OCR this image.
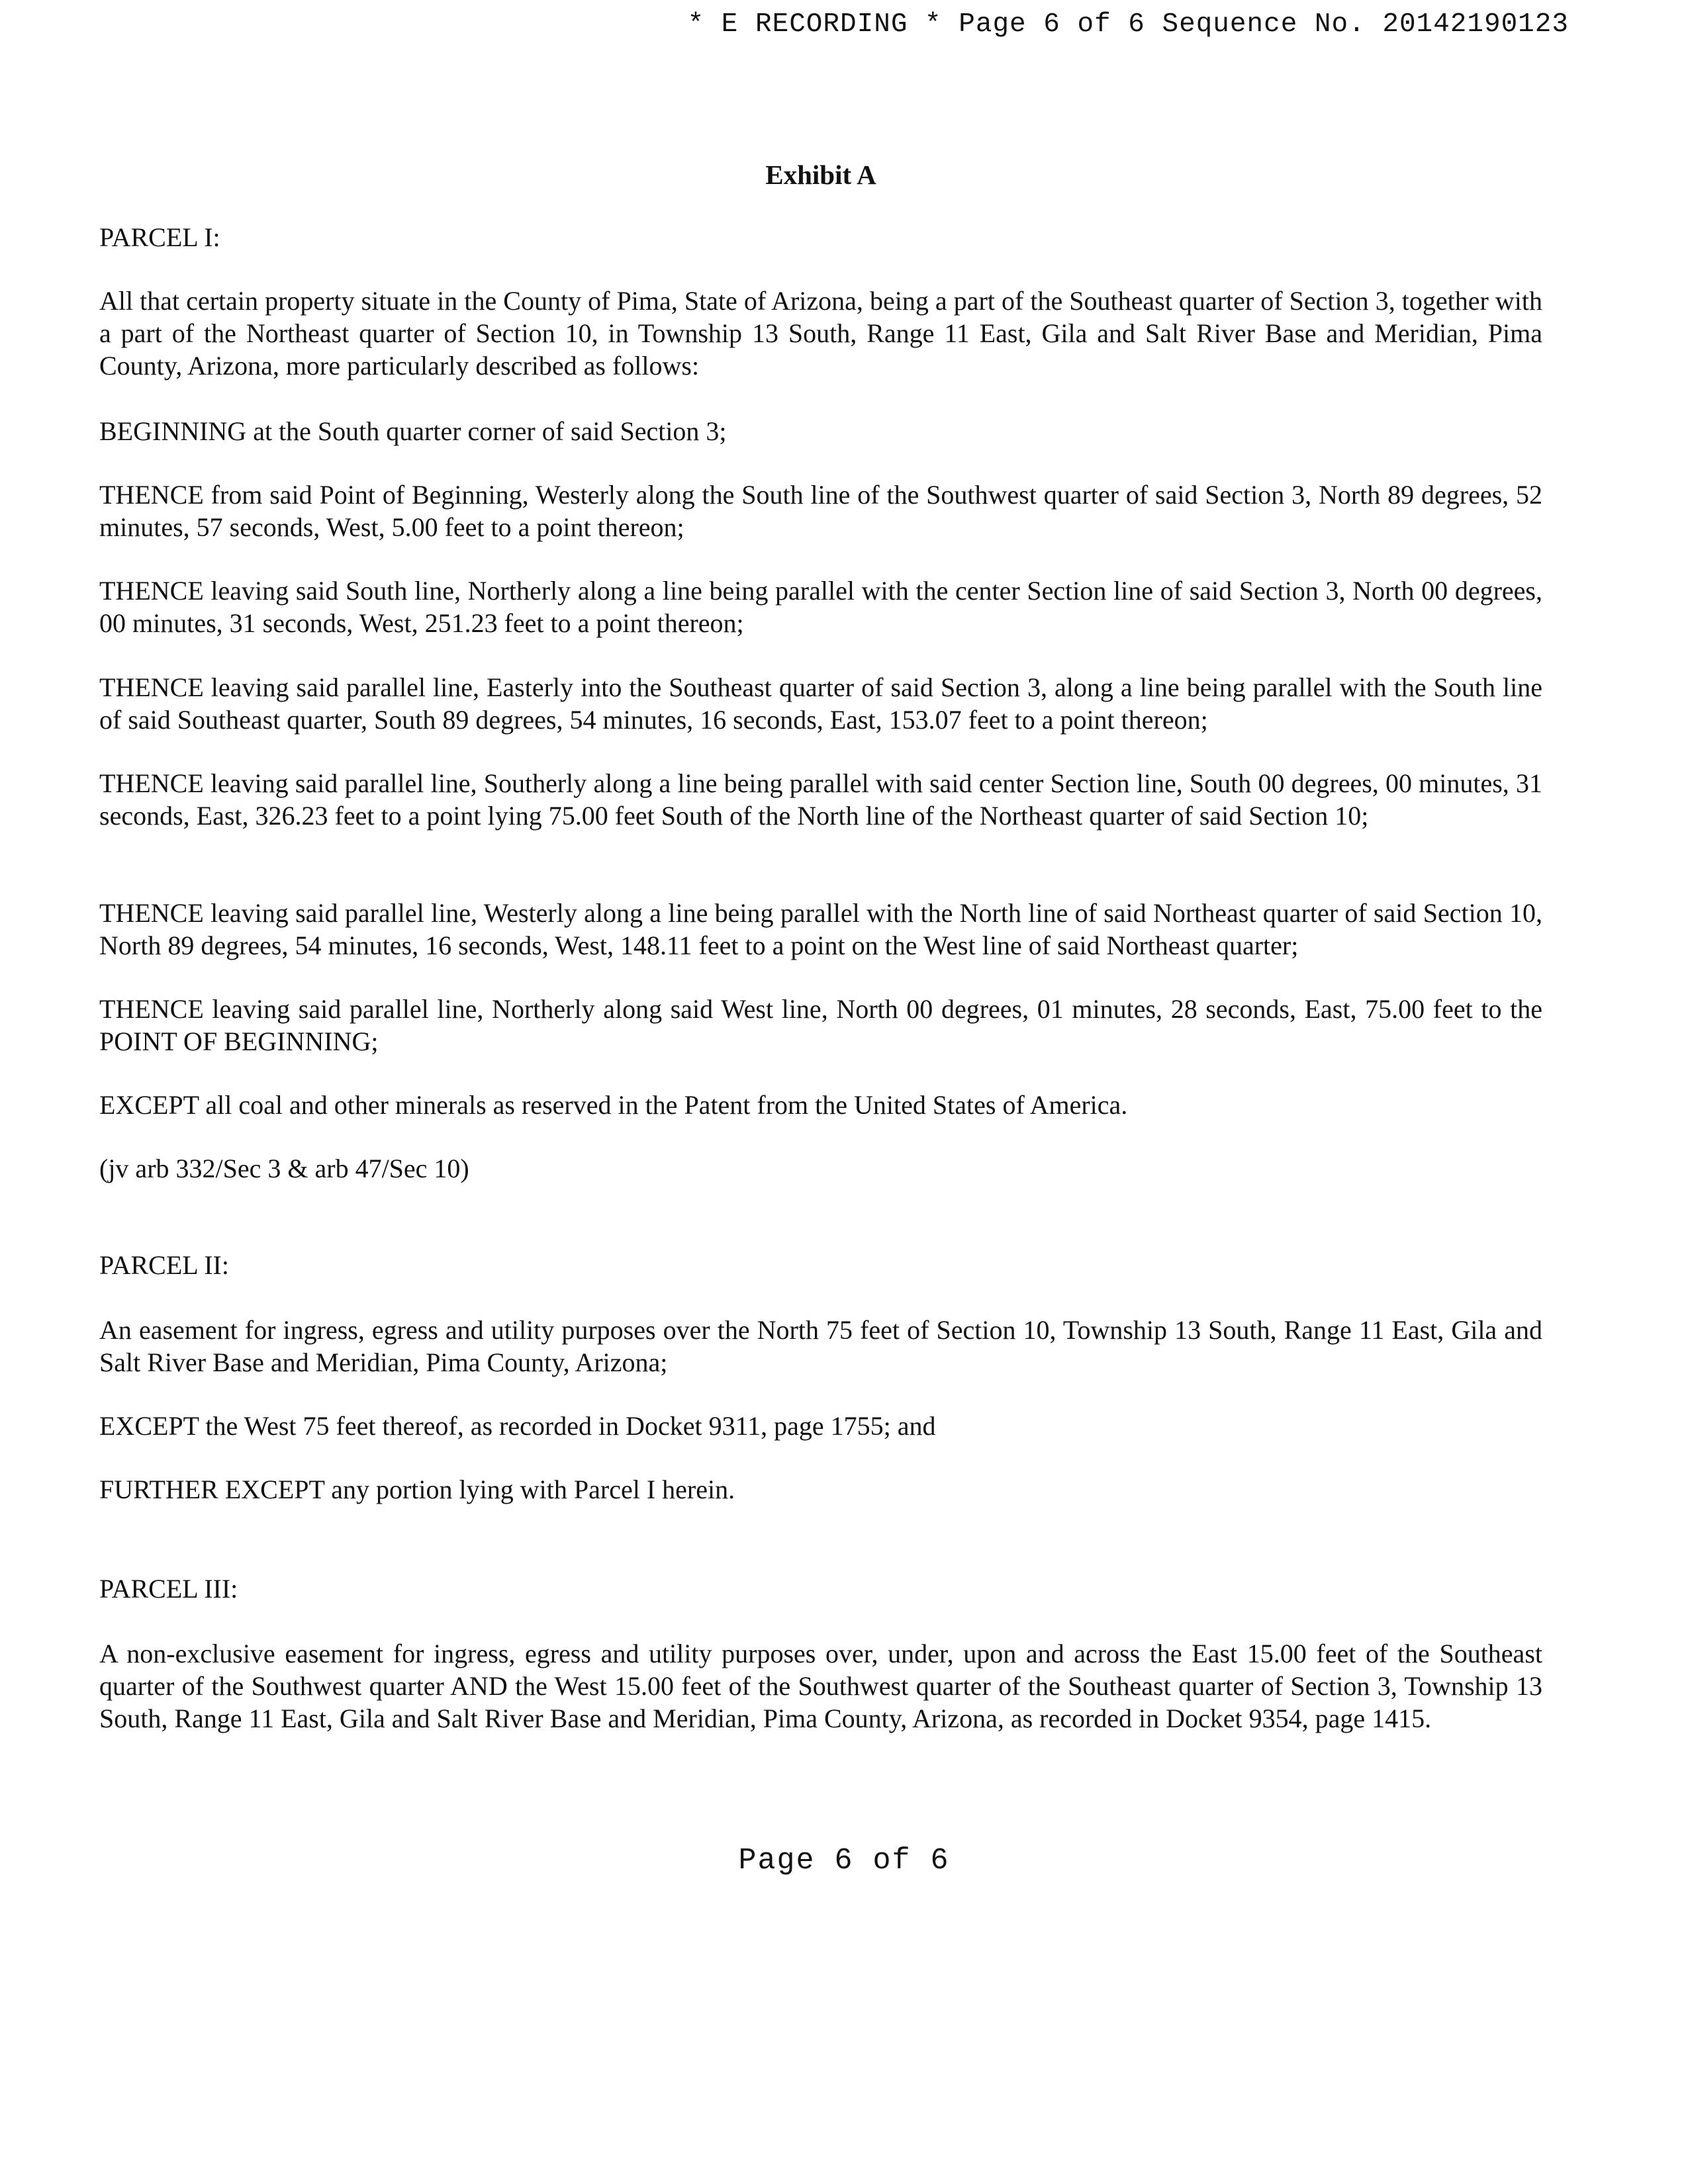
* E RECORDING * Page 6 of 6 Sequence No. 20142190123
Exhibit A

PARCEL I:

All that certain property situate in the County of Pima, State of Arizona, being a part of the Southeast quarter of Section 3, together with a part of the Northeast quarter of Section 10, in Township 13 South, Range 11 East, Gila and Salt River Base and Meridian, Pima County, Arizona, more particularly described as follows:

BEGINNING at the South quarter corner of said Section 3;

THENCE from said Point of Beginning, Westerly along the South line of the Southwest quarter of said Section 3, North 89 degrees, 52 minutes, 57 seconds, West, 5.00 feet to a point thereon;

THENCE leaving said South line, Northerly along a line being parallel with the center Section line of said Section 3, North 00 degrees, 00 minutes, 31 seconds, West, 251.23 feet to a point thereon;

THENCE leaving said parallel line, Easterly into the Southeast quarter of said Section 3, along a line being parallel with the South line of said Southeast quarter, South 89 degrees, 54 minutes, 16 seconds, East, 153.07 feet to a point thereon;

THENCE leaving said parallel line, Southerly along a line being parallel with said center Section line, South 00 degrees, 00 minutes, 31 seconds, East, 326.23 feet to a point lying 75.00 feet South of the North line of the Northeast quarter of said Section 10;

THENCE leaving said parallel line, Westerly along a line being parallel with the North line of said Northeast quarter of said Section 10, North 89 degrees, 54 minutes, 16 seconds, West, 148.11 feet to a point on the West line of said Northeast quarter;

THENCE leaving said parallel line, Northerly along said West line, North 00 degrees, 01 minutes, 28 seconds, East, 75.00 feet to the POINT OF BEGINNING;

EXCEPT all coal and other minerals as reserved in the Patent from the United States of America.

(jv arb 332/Sec 3 & arb 47/Sec 10)

PARCEL II:

An easement for ingress, egress and utility purposes over the North 75 feet of Section 10, Township 13 South, Range 11 East, Gila and Salt River Base and Meridian, Pima County, Arizona;

EXCEPT the West 75 feet thereof, as recorded in Docket 9311, page 1755; and

FURTHER EXCEPT any portion lying with Parcel I herein.

PARCEL III:

A non-exclusive easement for ingress, egress and utility purposes over, under, upon and across the East 15.00 feet of the Southeast quarter of the Southwest quarter AND the West 15.00 feet of the Southwest quarter of the Southeast quarter of Section 3, Township 13 South, Range 11 East, Gila and Salt River Base and Meridian, Pima County, Arizona, as recorded in Docket 9354, page 1415.

Page 6 of 6
